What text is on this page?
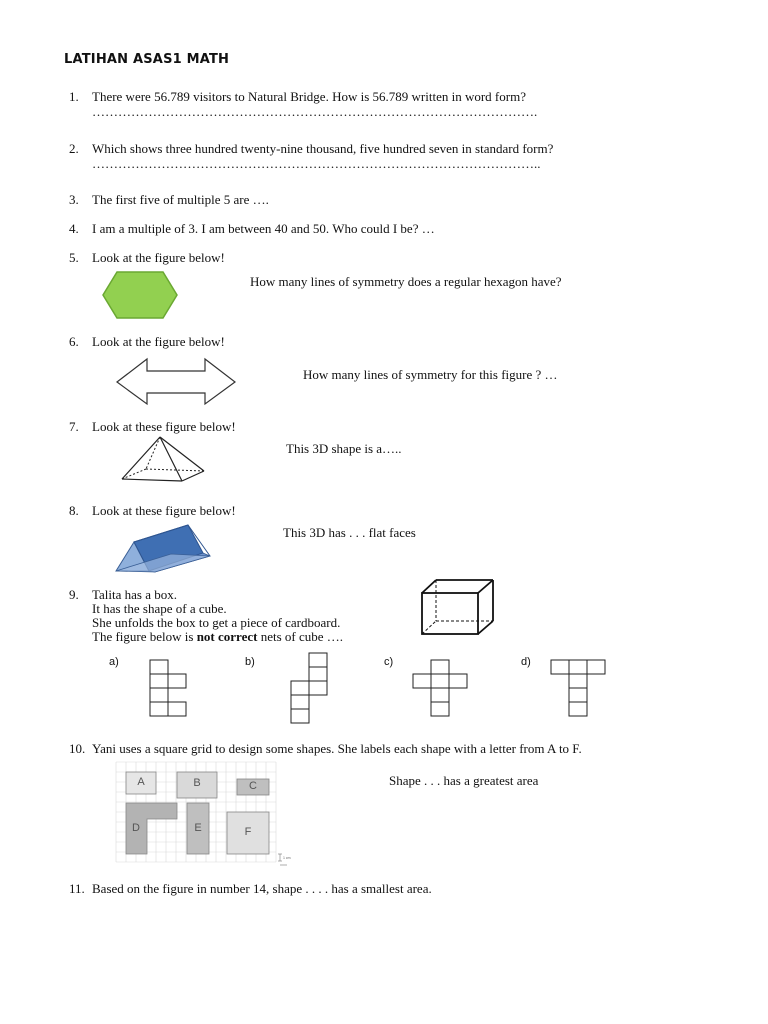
LATIHAN ASAS1 MATH
1. There were 56.789 visitors to Natural Bridge. How is 56.789 written in word form?
………………………………………………………………………………………….
2. Which shows three hundred twenty-nine thousand, five hundred seven in standard form?
…………………………………………………………………………………………..
3. The first five of multiple 5 are ….
4. I am a multiple of 3. I am between 40 and 50. Who could I be? …
5. Look at the figure below!
How many lines of symmetry does a regular hexagon have?
6. Look at the figure below!
How many lines of symmetry for this figure ? …
7. Look at these figure below!
This 3D shape is a…..
8. Look at these figure below!
This 3D has . . . flat faces
9. Talita has a box.
It has the shape of a cube.
She unfolds the box to get a piece of cardboard.
The figure below is not correct nets of cube ….
a)	b)	c)	d)
10. Yani uses a square grid to design some shapes. She labels each shape with a letter from A to F.
A	B	C
D	E	F
1 cm
Shape . . . has a greatest area
11. Based on the figure in number 14, shape . . . . has a smallest area.
